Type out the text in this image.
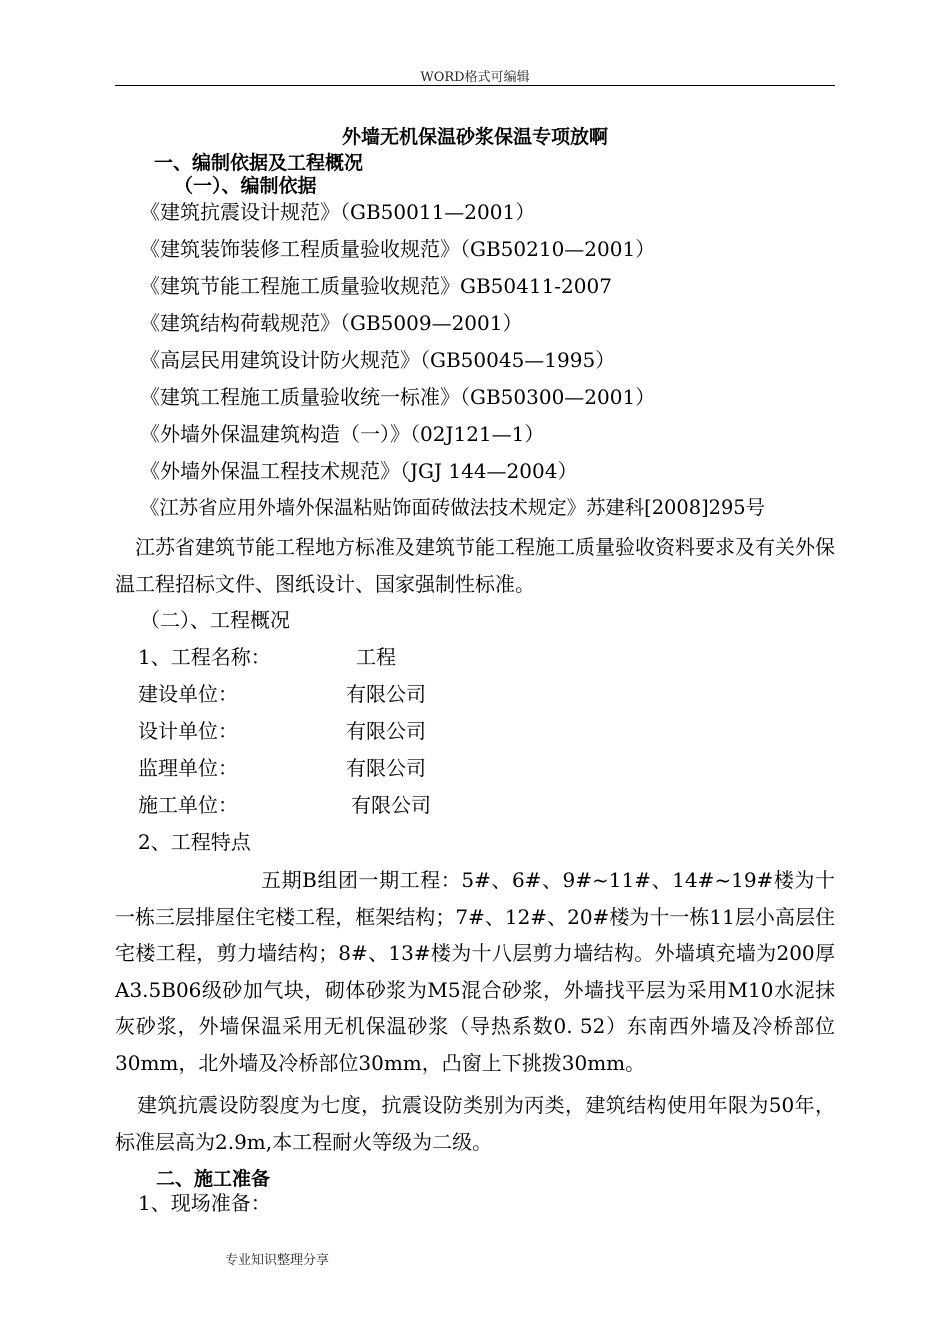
WORD格式可编辑
外墙无机保温砂浆保温专项放啊
一、编制依据及工程概况
（一）、编制依据
《建筑抗震设计规范》（GB50011—2001）
《建筑装饰装修工程质量验收规范》（GB50210—2001）
《建筑节能工程施工质量验收规范》GB50411-2007
《建筑结构荷载规范》（GB5009—2001）
《高层民用建筑设计防火规范》（GB50045—1995）
《建筑工程施工质量验收统一标准》（GB50300—2001）
《外墙外保温建筑构造（一）》（02J121—1）
《外墙外保温工程技术规范》（JGJ 144—2004）
《江苏省应用外墙外保温粘贴饰面砖做法技术规定》苏建科[2008]295号
江苏省建筑节能工程地方标准及建筑节能工程施工质量验收资料要求及有关外保温工程招标文件、图纸设计、国家强制性标准。
（二）、工程概况
1、工程名称：	工程
建设单位：	有限公司
设计单位：	有限公司
监理单位：	有限公司
施工单位：	有限公司
2、工程特点
五期B组团一期工程：5#、6#、9#~11#、14#~19#楼为十一栋三层排屋住宅楼工程，框架结构；7#、12#、20#楼为十一栋11层小高层住宅楼工程，剪力墙结构；8#、13#楼为十八层剪力墙结构。外墙填充墙为200厚A3.5B06级砂加气块，砌体砂浆为M5混合砂浆，外墙找平层为采用M10水泥抹灰砂浆，外墙保温采用无机保温砂浆（导热系数0. 52）东南西外墙及冷桥部位30mm，北外墙及冷桥部位30mm，凸窗上下挑拨30mm。
建筑抗震设防裂度为七度，抗震设防类别为丙类，建筑结构使用年限为50年，标准层高为2.9m,本工程耐火等级为二级。
二、施工准备
1、现场准备：
专业知识整理分享
